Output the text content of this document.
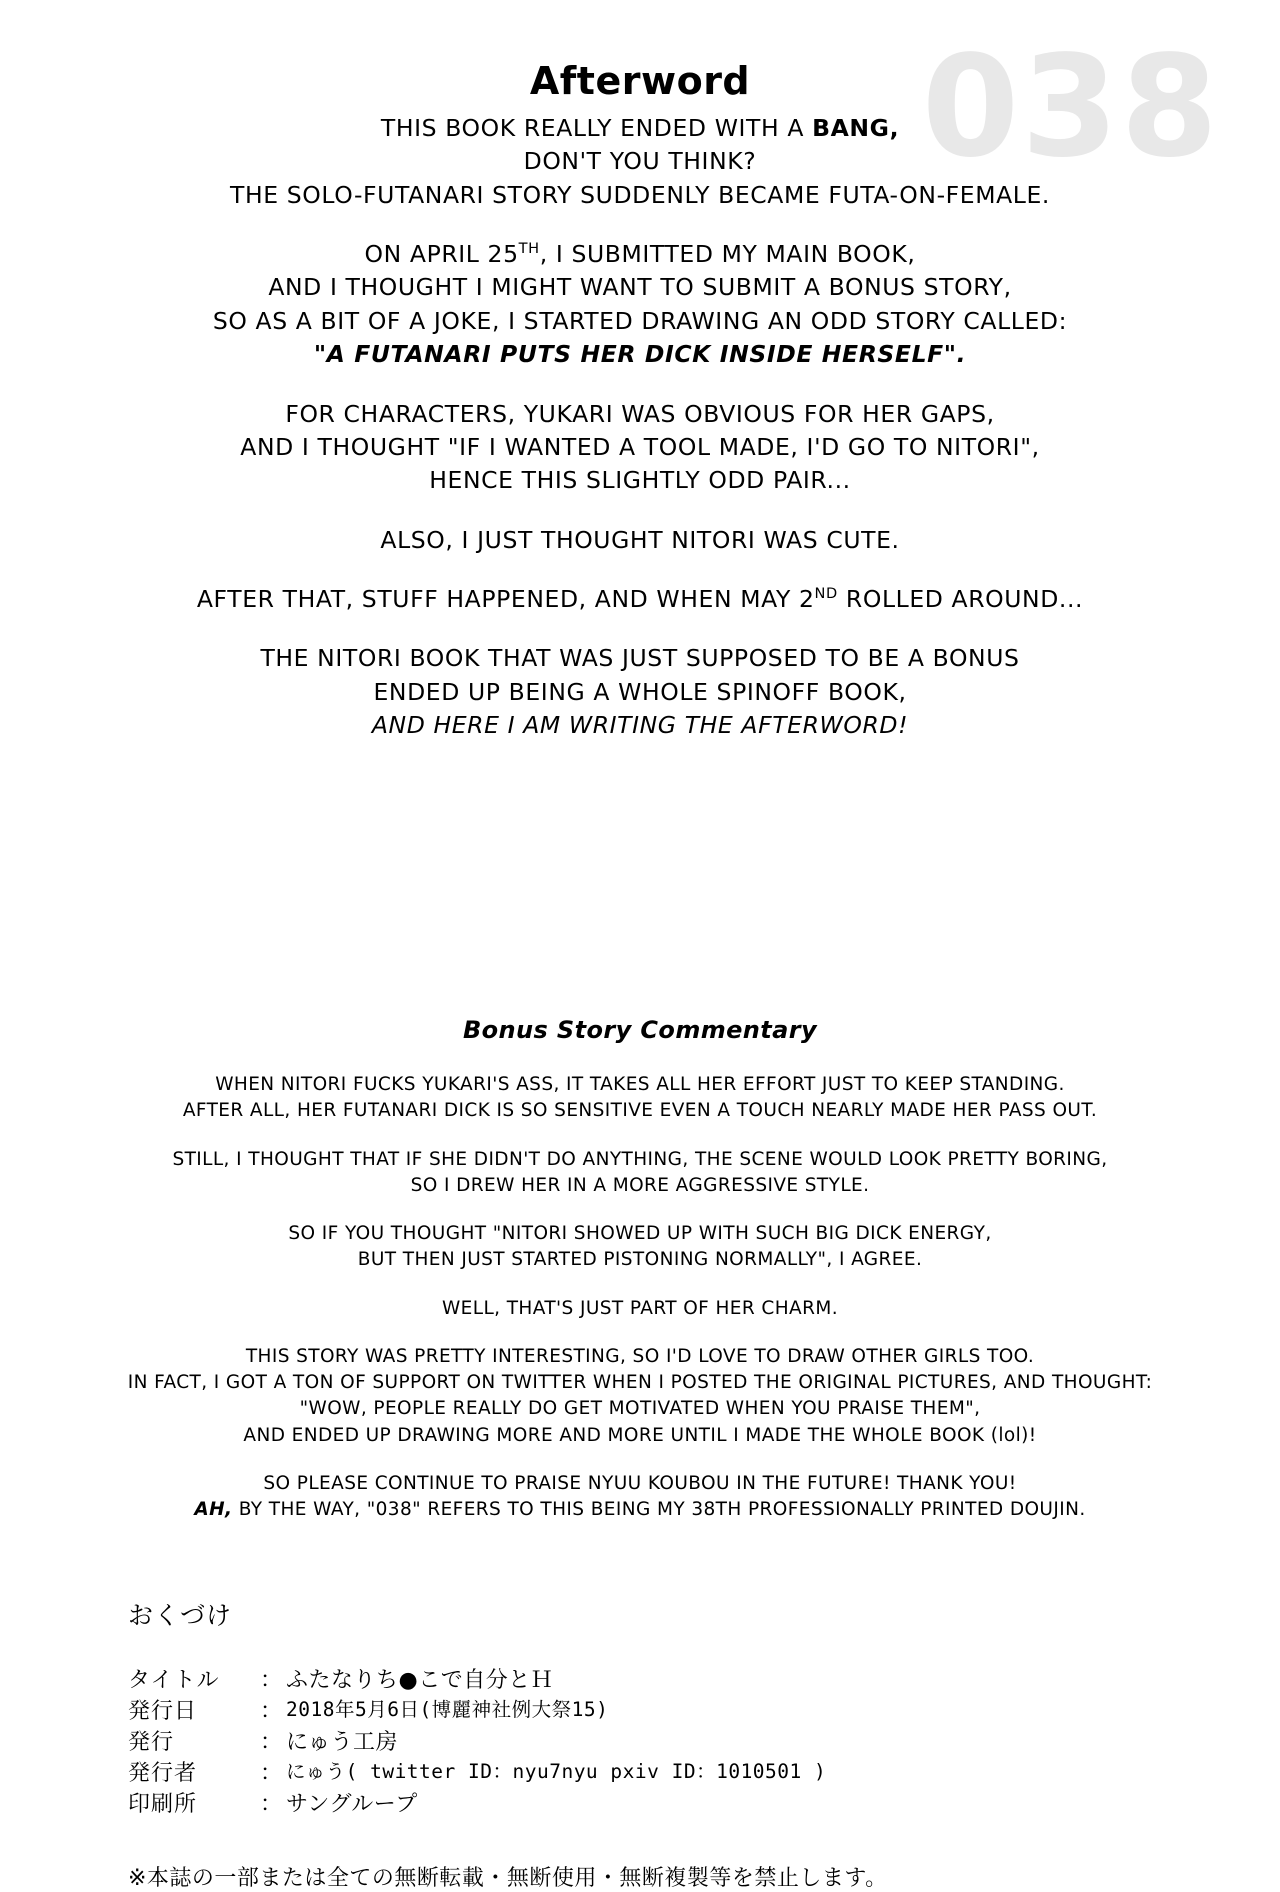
038
Afterword

THIS BOOK REALLY ENDED WITH A BANG,
DON'T YOU THINK?
THE SOLO-FUTANARI STORY SUDDENLY BECAME FUTA-ON-FEMALE.

ON APRIL 25TH, I SUBMITTED MY MAIN BOOK,
AND I THOUGHT I MIGHT WANT TO SUBMIT A BONUS STORY,
SO AS A BIT OF A JOKE, I STARTED DRAWING AN ODD STORY CALLED:
"A FUTANARI PUTS HER DICK INSIDE HERSELF".

FOR CHARACTERS, YUKARI WAS OBVIOUS FOR HER GAPS,
AND I THOUGHT "IF I WANTED A TOOL MADE, I'D GO TO NITORI",
HENCE THIS SLIGHTLY ODD PAIR...

ALSO, I JUST THOUGHT NITORI WAS CUTE.

AFTER THAT, STUFF HAPPENED, AND WHEN MAY 2ND ROLLED AROUND...

THE NITORI BOOK THAT WAS JUST SUPPOSED TO BE A BONUS
ENDED UP BEING A WHOLE SPINOFF BOOK,
AND HERE I AM WRITING THE AFTERWORD!

Bonus Story Commentary

WHEN NITORI FUCKS YUKARI'S ASS, IT TAKES ALL HER EFFORT JUST TO KEEP STANDING.
AFTER ALL, HER FUTANARI DICK IS SO SENSITIVE EVEN A TOUCH NEARLY MADE HER PASS OUT.

STILL, I THOUGHT THAT IF SHE DIDN'T DO ANYTHING, THE SCENE WOULD LOOK PRETTY BORING,
SO I DREW HER IN A MORE AGGRESSIVE STYLE.

SO IF YOU THOUGHT "NITORI SHOWED UP WITH SUCH BIG DICK ENERGY,
BUT THEN JUST STARTED PISTONING NORMALLY", I AGREE.

WELL, THAT'S JUST PART OF HER CHARM.

THIS STORY WAS PRETTY INTERESTING, SO I'D LOVE TO DRAW OTHER GIRLS TOO.
IN FACT, I GOT A TON OF SUPPORT ON TWITTER WHEN I POSTED THE ORIGINAL PICTURES, AND THOUGHT:
"WOW, PEOPLE REALLY DO GET MOTIVATED WHEN YOU PRAISE THEM",
AND ENDED UP DRAWING MORE AND MORE UNTIL I MADE THE WHOLE BOOK (lol)!

SO PLEASE CONTINUE TO PRAISE NYUU KOUBOU IN THE FUTURE! THANK YOU!
AH, BY THE WAY, "038" REFERS TO THIS BEING MY 38TH PROFESSIONALLY PRINTED DOUJIN.

おくづけ
タイトル	：	ふたなりち●こで自分とＨ
発行日	：	2018年5月6日(博麗神社例大祭15)
発行	：	にゅう工房
発行者	：	にゅう( twitter ID：nyu7nyu pxiv ID：1010501 )
印刷所	：	サングループ
※本誌の一部または全ての無断転載・無断使用・無断複製等を禁止します。
